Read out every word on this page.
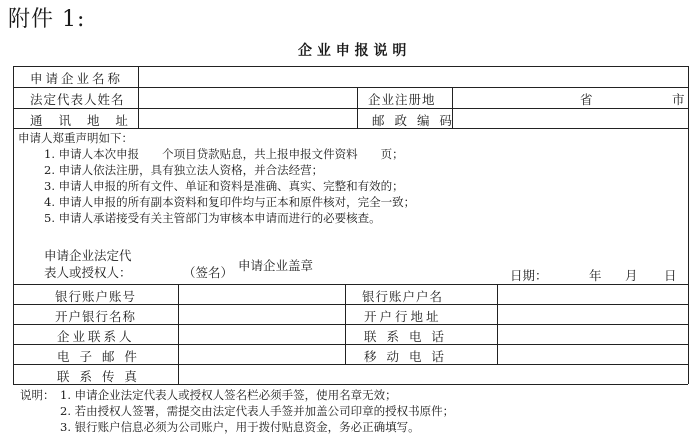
附件 1:
企 业 申 报 说 明
申请企业名称
法定代表人姓名	企业注册地	省	市
通 讯 地 址	邮 政 编 码
申请人郑重声明如下：
1. 申请人本次申报　　个项目贷款贴息，共上报申报文件资料　　页；
2. 申请人依法注册，具有独立法人资格，并合法经营；
3. 申请人申报的所有文件、单证和资料是准确、真实、完整和有效的；
4. 申请人申报的所有副本资料和复印件均与正本和原件核对，完全一致；
5. 申请人承诺接受有关主管部门为审核本申请而进行的必要核查。
申请企业法定代
表人或授权人：	（签名） 申请企业盖章
日期：	年 月 日
银行账户账号	银行账户户名
开户银行名称	开户行地址
企业联系人	联 系 电 话
电 子 邮 件	移 动 电 话
联 系 传 真
说明： 1. 申请企业法定代表人或授权人签名栏必须手签，使用名章无效；
2. 若由授权人签署，需提交由法定代表人手签并加盖公司印章的授权书原件；
3. 银行账户信息必须为公司账户，用于拨付贴息资金，务必正确填写。
